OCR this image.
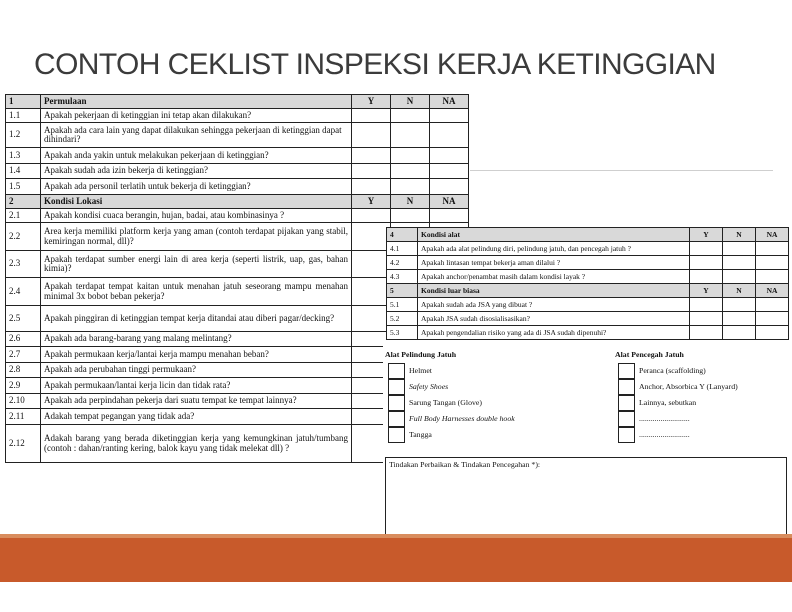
CONTOH CEKLIST INSPEKSI KERJA KETINGGIAN
1	Permulaan	Y	N	NA
1.1	Apakah pekerjaan di ketinggian ini tetap akan dilakukan?			
1.2	Apakah ada cara lain yang dapat dilakukan sehingga pekerjaan di ketinggian dapat dihindari?			
1.3	Apakah anda yakin untuk melakukan pekerjaan di ketinggian?			
1.4	Apakah sudah ada izin bekerja di ketinggian?			
1.5	Apakah ada personil terlatih untuk bekerja di ketinggian?			
2	Kondisi Lokasi	Y	N	NA
2.1	Apakah kondisi cuaca berangin, hujan, badai, atau kombinasinya ?			
2.2	Area kerja memiliki platform kerja yang aman (contoh terdapat pijakan yang stabil, kemiringan normal, dll)?			
2.3	Apakah terdapat sumber energi lain di area kerja (seperti listrik, uap, gas, bahan kimia)?			
2.4	Apakah terdapat tempat kaitan untuk menahan jatuh seseorang mampu menahan minimal 3x bobot beban pekerja?			
2.5	Apakah pinggiran di ketinggian tempat kerja ditandai atau diberi pagar/decking?			
2.6	Apakah ada barang-barang yang malang melintang?			
2.7	Apakah permukaan kerja/lantai kerja mampu menahan beban?			
2.8	Apakah ada perubahan tinggi permukaan?			
2.9	Apakah permukaan/lantai kerja licin dan tidak rata?			
2.10	Apakah ada perpindahan pekerja dari suatu tempat ke tempat lainnya?			
2.11	Adakah tempat pegangan yang tidak ada?			
2.12	Adakah barang yang berada diketinggian kerja yang kemungkinan jatuh/tumbang (contoh : dahan/ranting kering, balok kayu yang tidak melekat dll) ?			
4	Kondisi alat	Y	N	NA
4.1	Apakah ada alat pelindung diri, pelindung jatuh, dan pencegah jatuh ?			
4.2	Apakah lintasan tempat bekerja aman dilalui ?			
4.3	Apakah anchor/penambat masih dalam kondisi layak ?			
5	Kondisi luar biasa	Y	N	NA
5.1	Apakah sudah ada JSA yang dibuat ?			
5.2	Apakah JSA sudah disosialisasikan?			
5.3	Apakah pengendalian risiko yang ada di JSA sudah dipenuhi?			
Alat Pelindung Jatuh
Helmet
Safety Shoes
Sarung Tangan (Glove)
Full Body Harnesses double hook
Tangga
Alat Pencegah Jatuh
Peranca (scaffolding)
Anchor, Absorbica Y (Lanyard)
Lainnya, sebutkan
..........................
..........................
Tindakan Perbaikan & Tindakan Pencegahan *):
